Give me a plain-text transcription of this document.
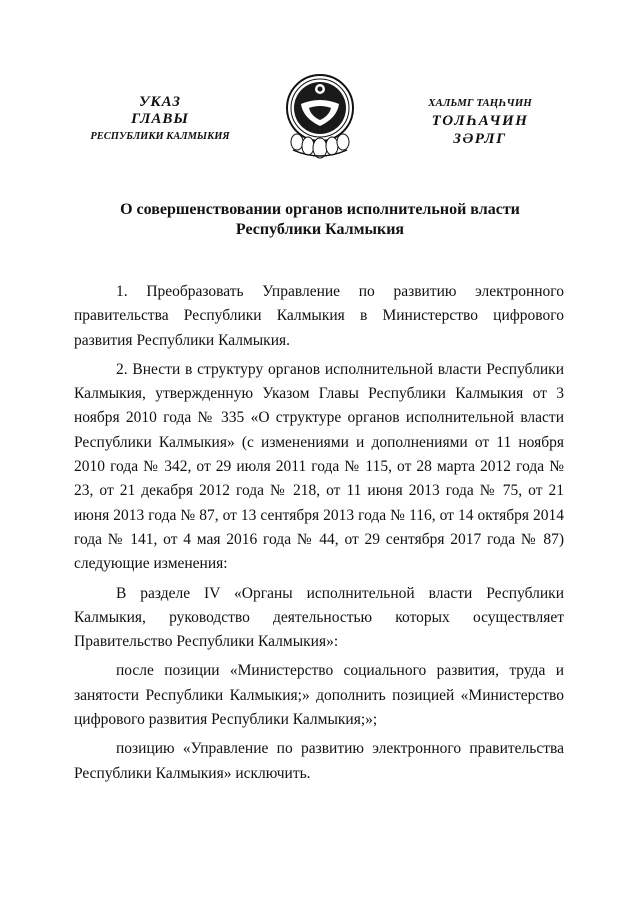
УКАЗ
ГЛАВЫ
РЕСПУБЛИКИ КАЛМЫКИЯ
ХАЛЬМГ ТАҢҺЧИН
ТОЛҺАЧИН
ЗӘРЛГ
О совершенствовании органов исполнительной власти
Республики Калмыкия

1. Преобразовать Управление по развитию электронного правительства Республики Калмыкия в Министерство цифрового развития Республики Калмыкия.

2. Внести в структуру органов исполнительной власти Республики Калмыкия, утвержденную Указом Главы Республики Калмыкия от 3 ноября 2010 года № 335 «О структуре органов исполнительной власти Республики Калмыкия» (с изменениями и дополнениями от 11 ноября 2010 года № 342, от 29 июля 2011 года № 115, от 28 марта 2012 года № 23, от 21 декабря 2012 года № 218, от 11 июня 2013 года № 75, от 21 июня 2013 года № 87, от 13 сентября 2013 года № 116, от 14 октября 2014 года № 141, от 4 мая 2016 года № 44, от 29 сентября 2017 года № 87) следующие изменения:

В разделе IV «Органы исполнительной власти Республики Калмыкия, руководство деятельностью которых осуществляет Правительство Республики Калмыкия»:

после позиции «Министерство социального развития, труда и занятости Республики Калмыкия;» дополнить позицией «Министерство цифрового развития Республики Калмыкия;»;

позицию «Управление по развитию электронного правительства Республики Калмыкия» исключить.
